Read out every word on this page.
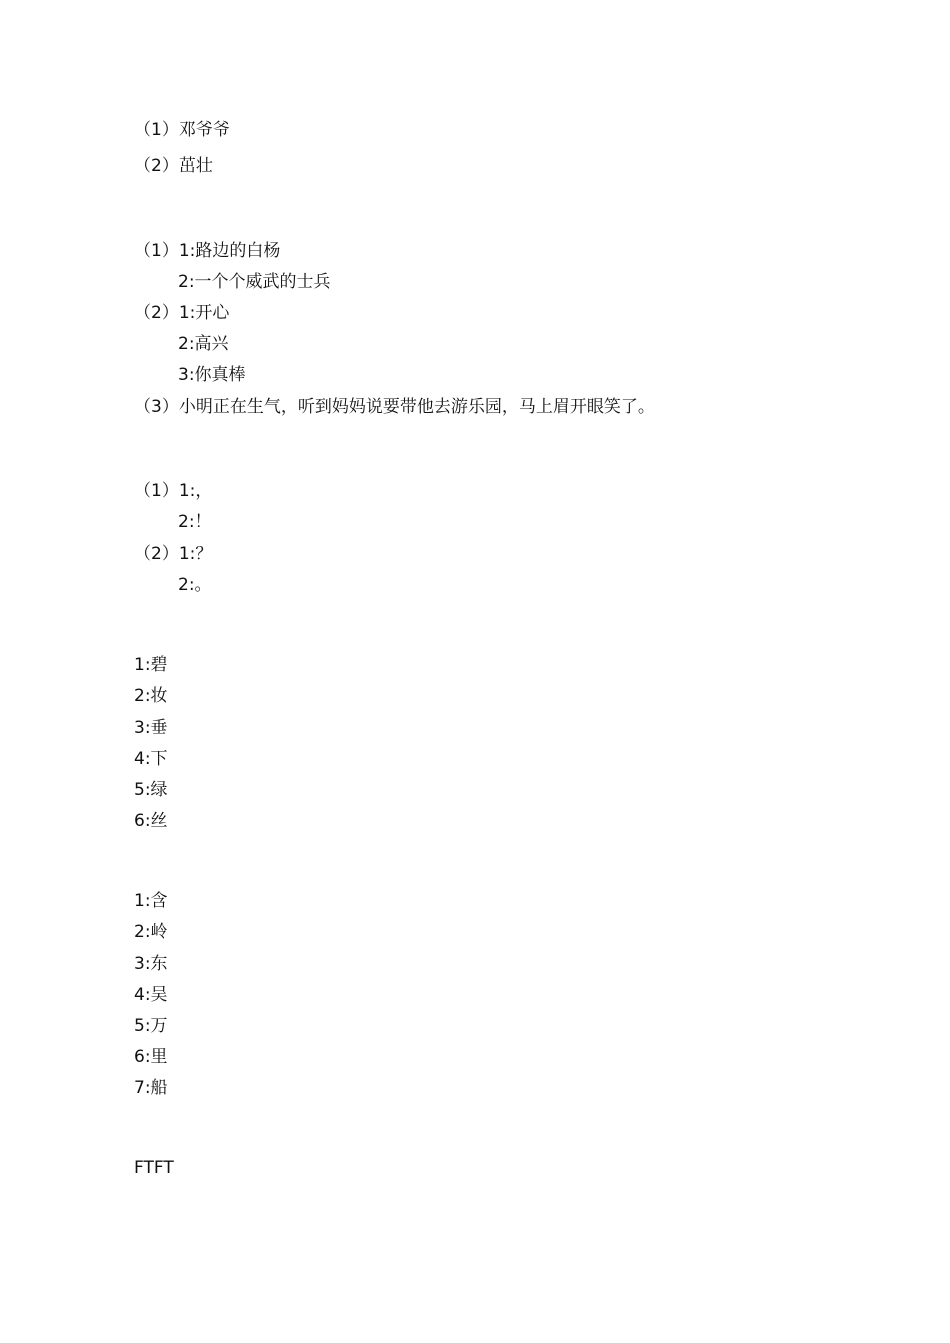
（1）邓爷爷
（2）茁壮
（1）1:路边的白杨
2:一个个威武的士兵
（2）1:开心
2:高兴
3:你真棒
（3）小明正在生气，听到妈妈说要带他去游乐园，马上眉开眼笑了。
（1）1:，
2:！
（2）1:？
2:。
1:碧
2:妆
3:垂
4:下
5:绿
6:丝
1:含
2:岭
3:东
4:吴
5:万
6:里
7:船
FTFT
